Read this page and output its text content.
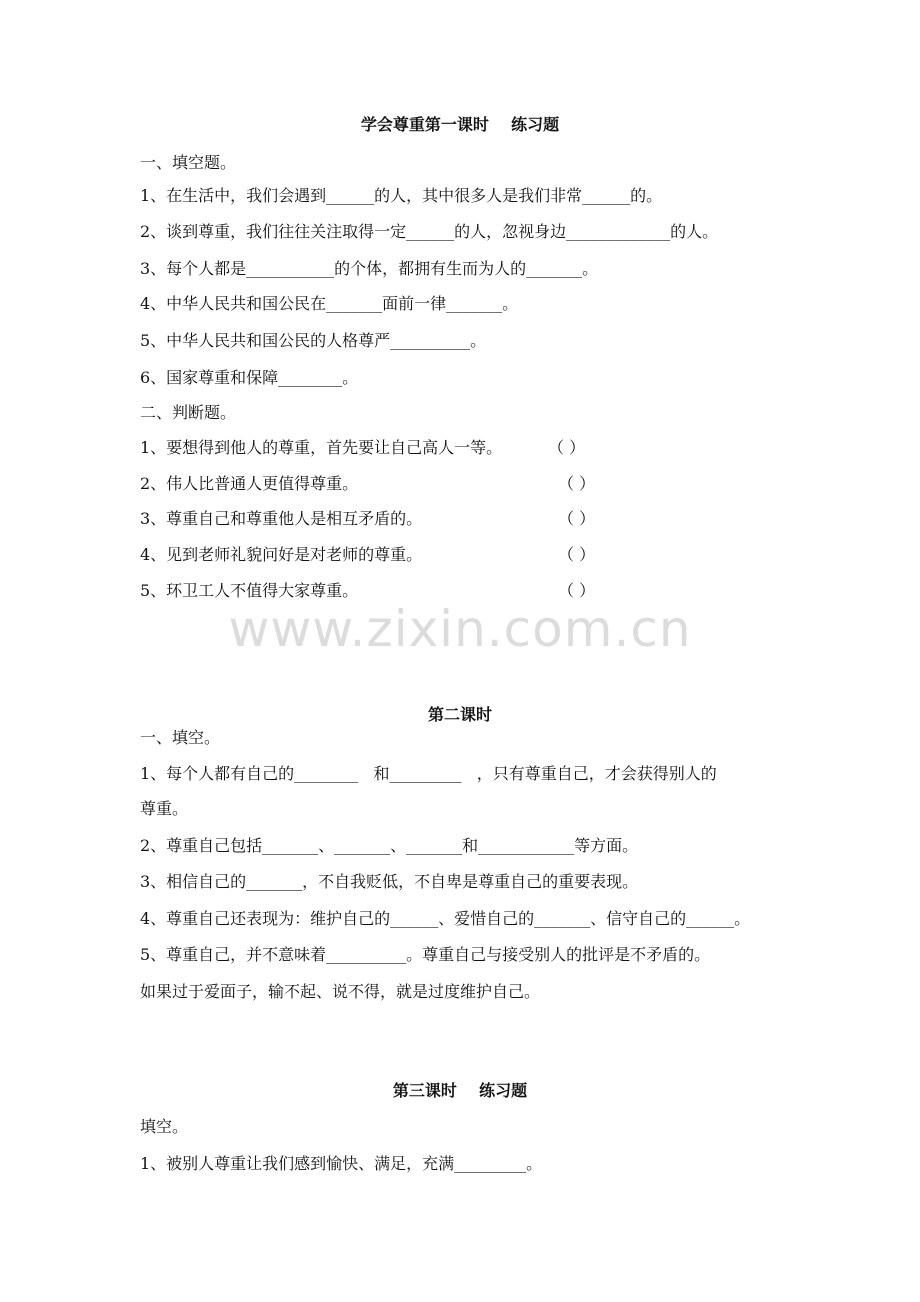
www.zixin.com.cn
学会尊重第一课时    练习题
一、填空题。
1、在生活中，我们会遇到______的人，其中很多人是我们非常______的。
2、谈到尊重，我们往往关注取得一定______的人，忽视身边_____________的人。
3、每个人都是___________的个体，都拥有生而为人的_______。
4、中华人民共和国公民在_______面前一律_______。
5、中华人民共和国公民的人格尊严__________。
6、国家尊重和保障________。
二、判断题。
1、要想得到他人的尊重，首先要让自己高人一等。	（ ）
2、伟人比普通人更值得尊重。	（ ）
3、尊重自己和尊重他人是相互矛盾的。	（ ）
4、见到老师礼貌问好是对老师的尊重。	（ ）
5、环卫工人不值得大家尊重。	（ ）
第二课时
一、填空。
1、每个人都有自己的________   和_________   ，只有尊重自己，才会获得别人的
尊重。
2、尊重自己包括_______、_______、_______和____________等方面。
3、相信自己的_______，不自我贬低，不自卑是尊重自己的重要表现。
4、尊重自己还表现为：维护自己的______、爱惜自己的_______、信守自己的______。
5、尊重自己，并不意味着__________。尊重自己与接受别人的批评是不矛盾的。
如果过于爱面子，输不起、说不得，就是过度维护自己。
第三课时    练习题
填空。
1、被别人尊重让我们感到愉快、满足，充满_________。
